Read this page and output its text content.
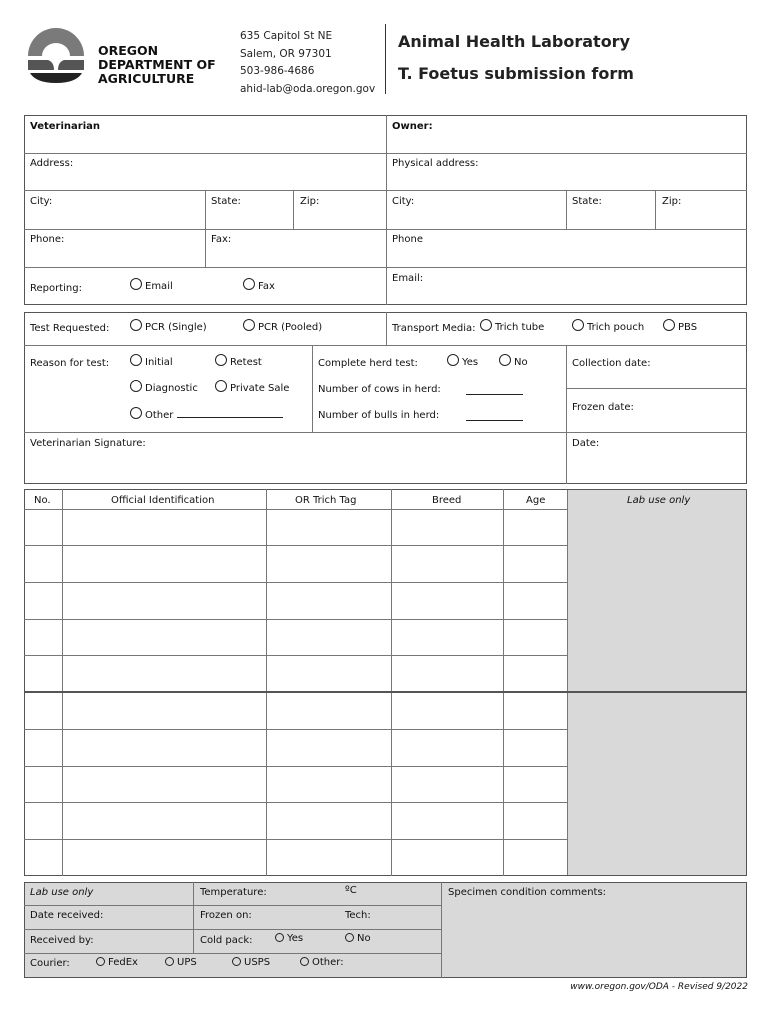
OREGON
DEPARTMENT OF
AGRICULTURE
635 Capitol St NE
Salem, OR 97301
503-986-4686
ahid-lab@oda.oregon.gov
Animal Health Laboratory
T. Foetus submission form
Veterinarian	Owner:
Address:	Physical address:
City:	State:	Zip:	City:	State:	Zip:
Phone:	Fax:	Phone
Reporting:	Email	Fax
Email:
Test Requested:	PCR (Single)	PCR (Pooled)	Transport Media:	Trich tube	Trich pouch	PBS
Reason for test:	Initial	Retest
Diagnostic	Private Sale
Other
Complete herd test:	Yes	No
Number of cows in herd:
Number of bulls in herd:
Collection date:
Frozen date:
Veterinarian Signature:	Date:
No.	Official Identification	OR Trich Tag	Breed	Age	Lab use only
Lab use only	Temperature:	ºC	Specimen condition comments:
Date received:	Frozen on:	Tech:
Received by:	Cold pack:	Yes	No
Courier:	FedEx	UPS	USPS	Other:
www.oregon.gov/ODA - Revised 9/2022
